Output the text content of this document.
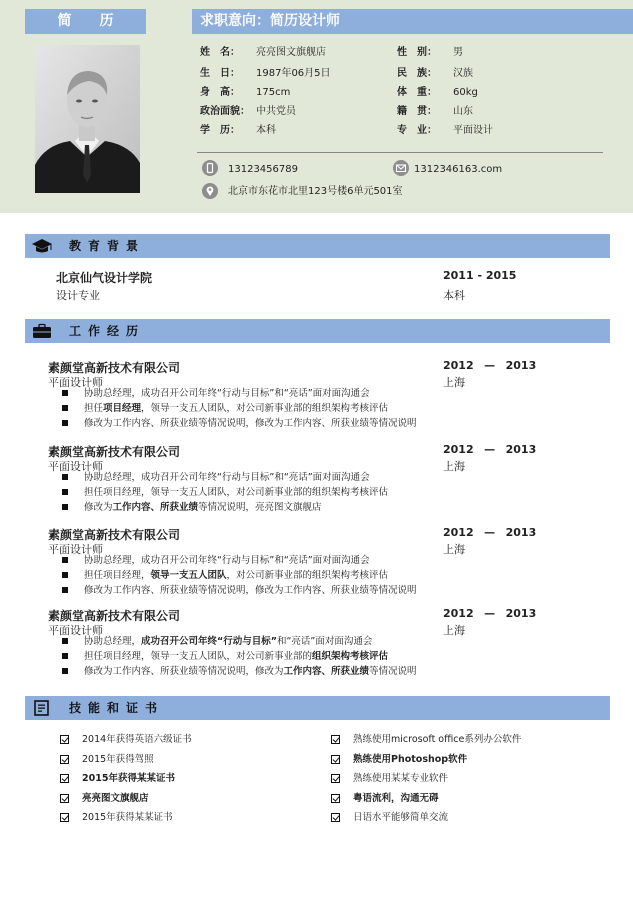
简历	求职意向：简历设计师
姓　名： 亮亮图文旗舰店
生　日： 1987年06月5日
身　高： 175cm
政治面貌： 中共党员
学　历： 本科
性　别： 男
民　族： 汉族
体　重： 60kg
籍　贯： 山东
专　业： 平面设计
13123456789	1312346163.com
北京市东花市北里123号楼6单元501室
教育背景
北京仙气设计学院
设计专业
2011 - 2015
本科
工作经历
素颜堂高新技术有限公司
平面设计师
2012 — 2013
上海
协助总经理，成功召开公司年终“行动与目标”和“亮话”面对面沟通会
担任项目经理，领导一支五人团队，对公司新事业部的组织架构考核评估
修改为工作内容、所获业绩等情况说明，修改为工作内容、所获业绩等情况说明
素颜堂高新技术有限公司
平面设计师
2012 — 2013
上海
协助总经理，成功召开公司年终“行动与目标”和“亮话”面对面沟通会
担任项目经理，领导一支五人团队，对公司新事业部的组织架构考核评估
修改为工作内容、所获业绩等情况说明，亮亮图文旗舰店
素颜堂高新技术有限公司
平面设计师
2012 — 2013
上海
协助总经理，成功召开公司年终“行动与目标”和“亮话”面对面沟通会
担任项目经理，领导一支五人团队，对公司新事业部的组织架构考核评估
修改为工作内容、所获业绩等情况说明，修改为工作内容、所获业绩等情况说明
素颜堂高新技术有限公司
平面设计师
2012 — 2013
上海
协助总经理，成功召开公司年终“行动与目标”和“亮话”面对面沟通会
担任项目经理，领导一支五人团队，对公司新事业部的组织架构考核评估
修改为工作内容、所获业绩等情况说明，修改为工作内容、所获业绩等情况说明
技能和证书
2014年获得英语六级证书
2015年获得驾照
2015年获得某某证书
亮亮图文旗舰店
2015年获得某某证书
熟练使用microsoft office系列办公软件
熟练使用Photoshop软件
熟练使用某某专业软件
粤语流利，沟通无碍
日语水平能够简单交流
